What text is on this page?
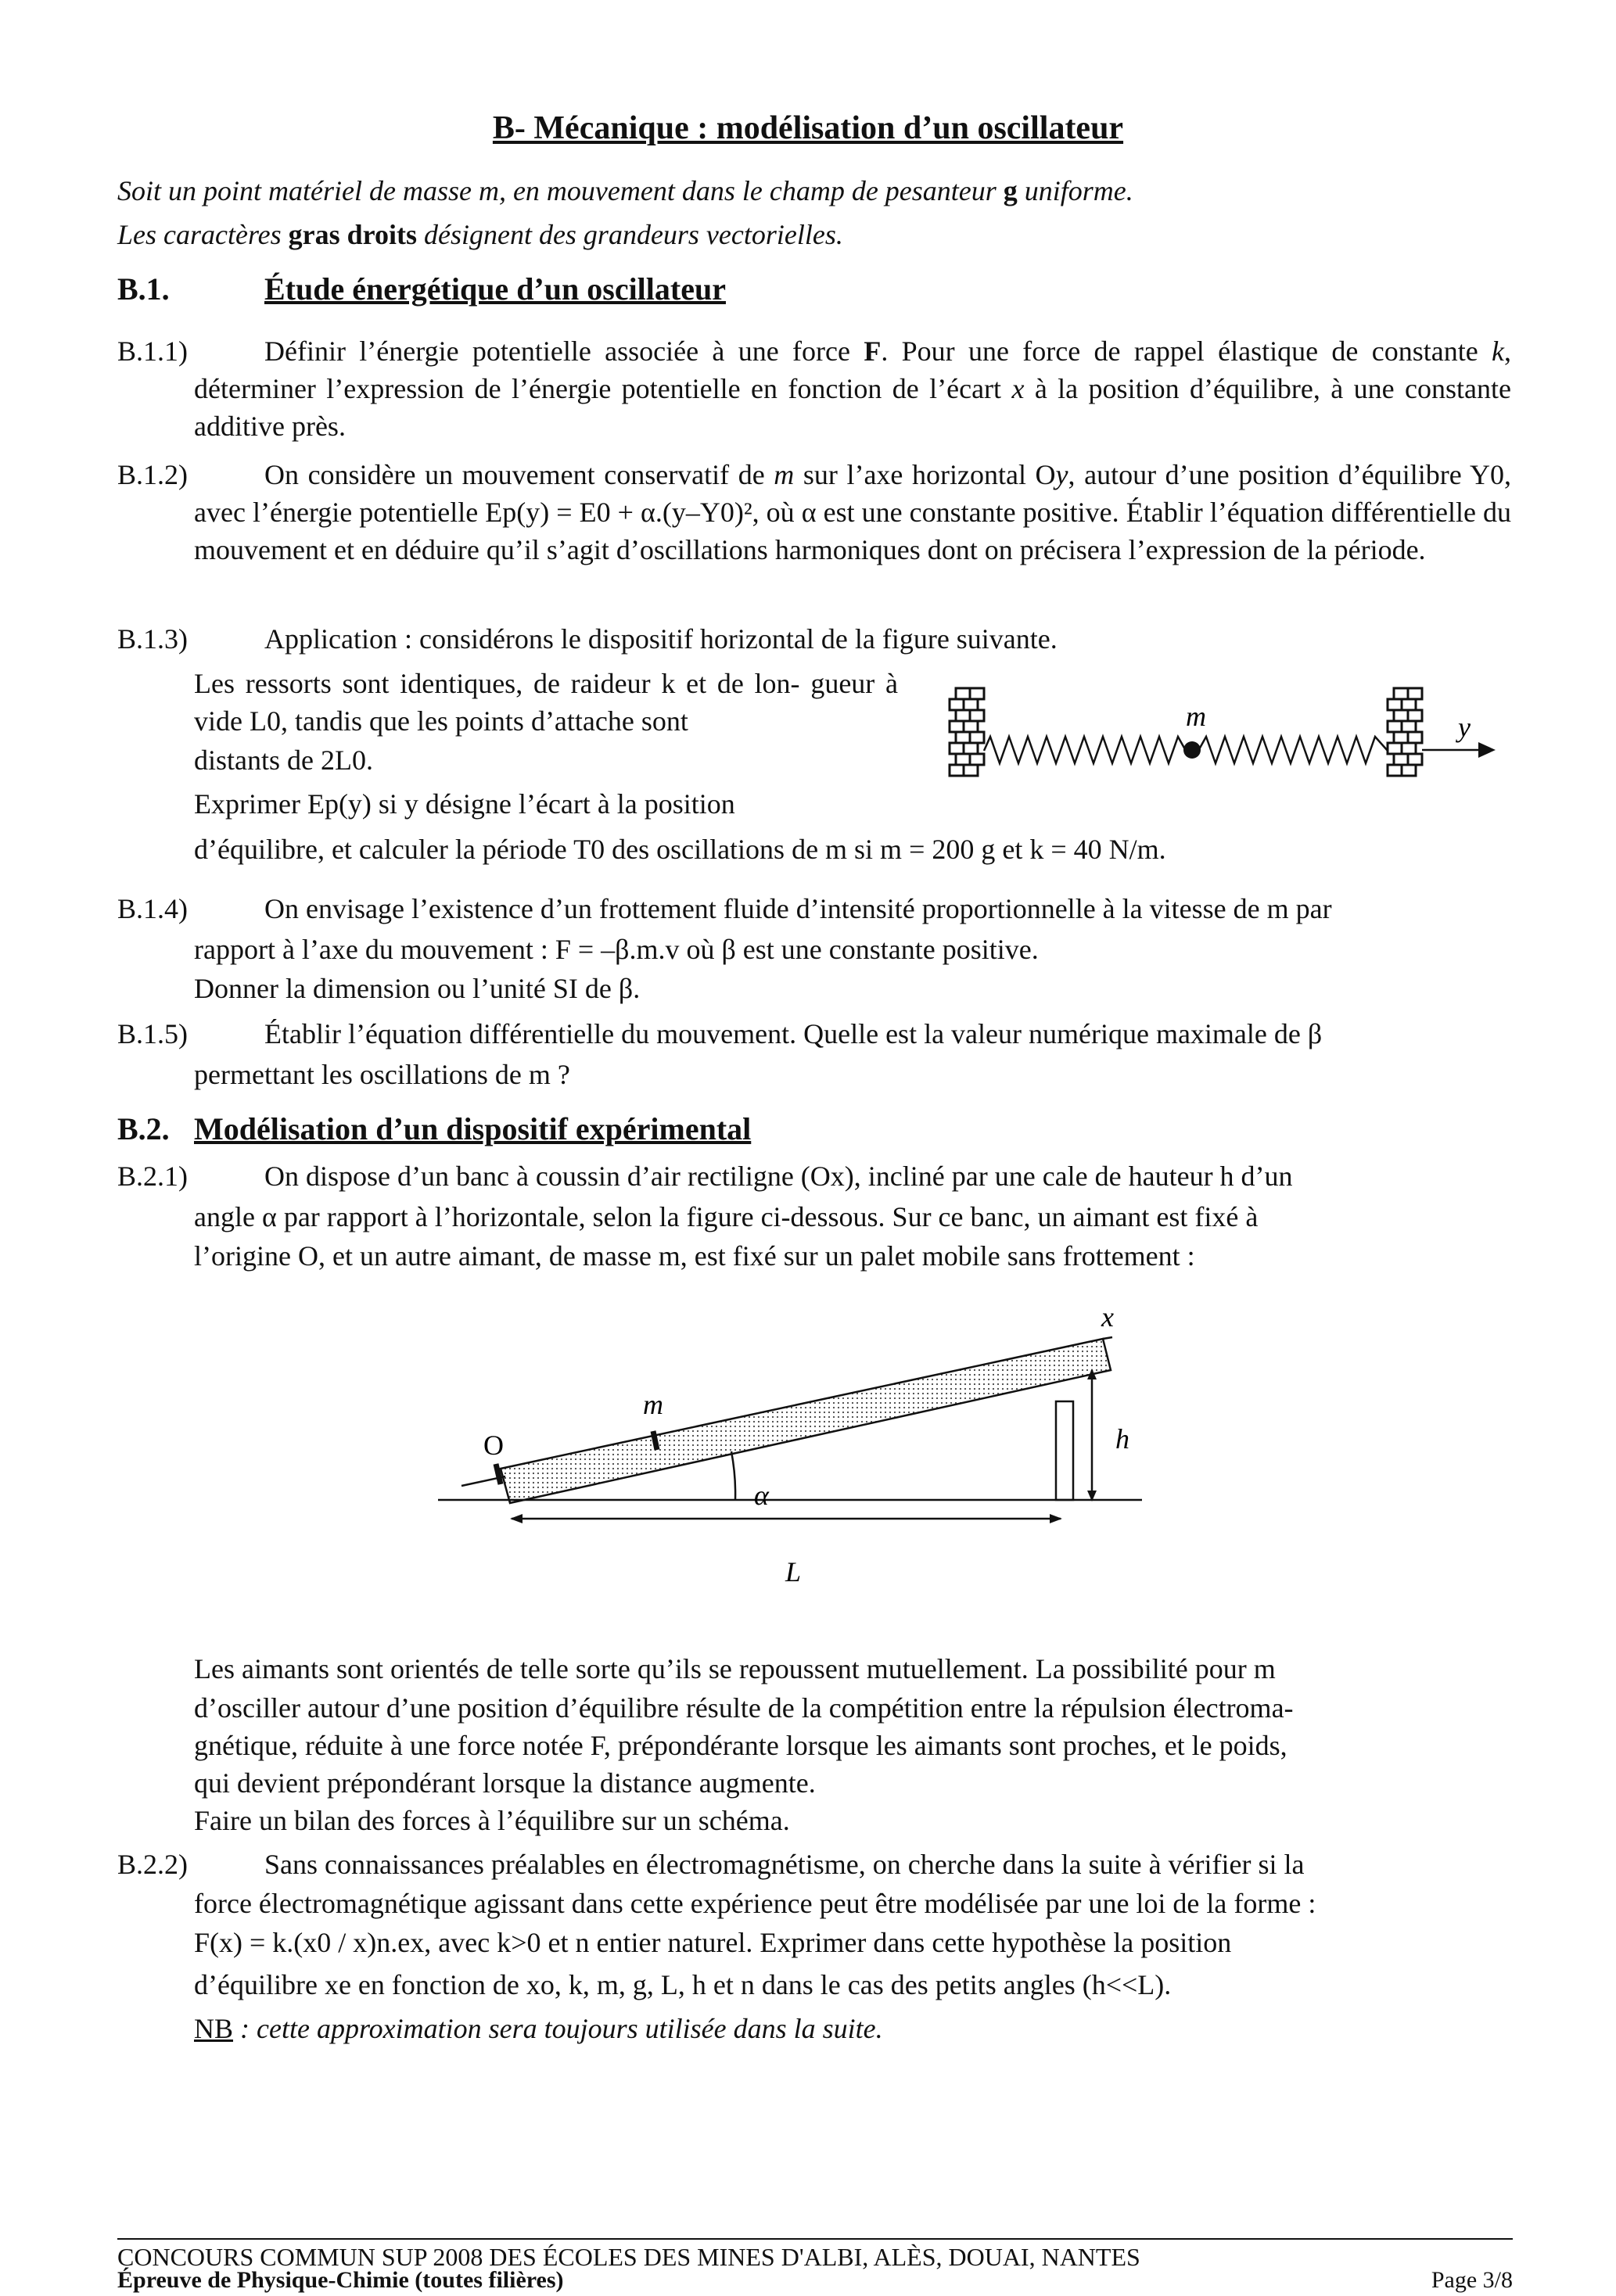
B- Mécanique : modélisation d’un oscillateur
Soit un point matériel de masse m, en mouvement dans le champ de pesanteur g uniforme.
Les caractères gras droits désignent des grandeurs vectorielles.
B.1.	Étude énergétique d’un oscillateur
B.1.1)	Définir l’énergie potentielle associée à une force F. Pour une force de rappel élastique de constante k, déterminer l’expression de l’énergie potentielle en fonction de l’écart x à la position d’équilibre, à une constante additive près.

B.1.2)	On considère un mouvement conservatif de m sur l’axe horizontal Oy, autour d’une position d’équilibre Y0, avec l’énergie potentielle Ep(y) = E0 + α.(y–Y0)², où α est une constante positive. Établir l’équation différentielle du mouvement et en déduire qu’il s’agit d’oscillations harmoniques dont on précisera l’expression de la période.

B.1.3)	Application : considérons le dispositif horizontal de la figure suivante.
Les ressorts sont identiques, de raideur k et de lon- gueur à vide L0, tandis que les points d’attache sont
distants de 2L0.
Exprimer Ep(y) si y désigne l’écart à la position
d’équilibre, et calculer la période T0 des oscillations de m si m = 200 g et k = 40 N/m.
m	y
B.1.4)	On envisage l’existence d’un frottement fluide d’intensité proportionnelle à la vitesse de m par
rapport à l’axe du mouvement : F = –β.m.v où β est une constante positive.
Donner la dimension ou l’unité SI de β.
B.1.5)	Établir l’équation différentielle du mouvement. Quelle est la valeur numérique maximale de β
permettant les oscillations de m ?
B.2. Modélisation d’un dispositif expérimental
B.2.1)	On dispose d’un banc à coussin d’air rectiligne (Ox), incliné par une cale de hauteur h d’un
angle α par rapport à l’horizontale, selon la figure ci-dessous. Sur ce banc, un aimant est fixé à
l’origine O, et un autre aimant, de masse m, est fixé sur un palet mobile sans frottement :
x
O
m
h
α
L
Les aimants sont orientés de telle sorte qu’ils se repoussent mutuellement. La possibilité pour m
d’osciller autour d’une position d’équilibre résulte de la compétition entre la répulsion électroma-
gnétique, réduite à une force notée F, prépondérante lorsque les aimants sont proches, et le poids,
qui devient prépondérant lorsque la distance augmente.
Faire un bilan des forces à l’équilibre sur un schéma.
B.2.2)	Sans connaissances préalables en électromagnétisme, on cherche dans la suite à vérifier si la
force électromagnétique agissant dans cette expérience peut être modélisée par une loi de la forme :
F(x) = k.(x0 / x)n.ex, avec k>0 et n entier naturel. Exprimer dans cette hypothèse la position
d’équilibre xe en fonction de xo, k, m, g, L, h et n dans le cas des petits angles (h<<L).
NB : cette approximation sera toujours utilisée dans la suite.
CONCOURS COMMUN SUP 2008 DES ÉCOLES DES MINES D'ALBI, ALÈS, DOUAI, NANTES
Épreuve de Physique-Chimie (toutes filières)	Page 3/8
